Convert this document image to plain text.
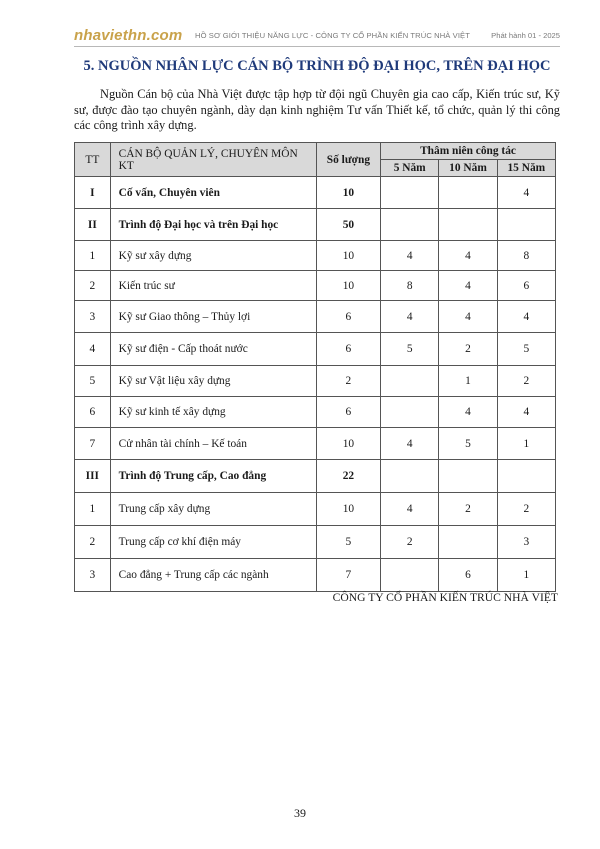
nhaviethn.com HỒ SƠ GIỚI THIỆU NĂNG LỰC - CÔNG TY CỔ PHẦN KIẾN TRÚC NHÀ VIỆT	Phát hành 01 - 2025
5. NGUỒN NHÂN LỰC CÁN BỘ TRÌNH ĐỘ ĐẠI HỌC, TRÊN ĐẠI HỌC

Nguồn Cán bộ của Nhà Việt được tập hợp từ đội ngũ Chuyên gia cao cấp, Kiến trúc sư, Kỹ sư, được đào tạo chuyên ngành, dày dạn kinh nghiệm Tư vấn Thiết kế, tổ chức, quản lý thi công các công trình xây dựng.

TT	CÁN BỘ QUẢN LÝ, CHUYÊN MÔN KT	Số lượng	Thâm niên công tác		
			5 Năm	10 Năm	15 Năm
I	Cố vấn, Chuyên viên	10			4
II	Trình độ Đại học và trên Đại học	50			
1	Kỹ sư xây dựng	10	4	4	8
2	Kiến trúc sư	10	8	4	6
3	Kỹ sư Giao thông – Thủy lợi	6	4	4	4
4	Kỹ sư điện - Cấp thoát nước	6	5	2	5
5	Kỹ sư Vật liệu xây dựng	2		1	2
6	Kỹ sư kinh tế xây dựng	6		4	4
7	Cử nhân tài chính – Kế toán	10	4	5	1
III	Trình độ Trung cấp, Cao đẳng	22			
1	Trung cấp xây dựng	10	4	2	2
2	Trung cấp cơ khí điện máy	5	2		3
3	Cao đẳng + Trung cấp các ngành	7		6	1
CÔNG TY CỔ PHẦN KIẾN TRÚC NHÀ VIỆT
39
